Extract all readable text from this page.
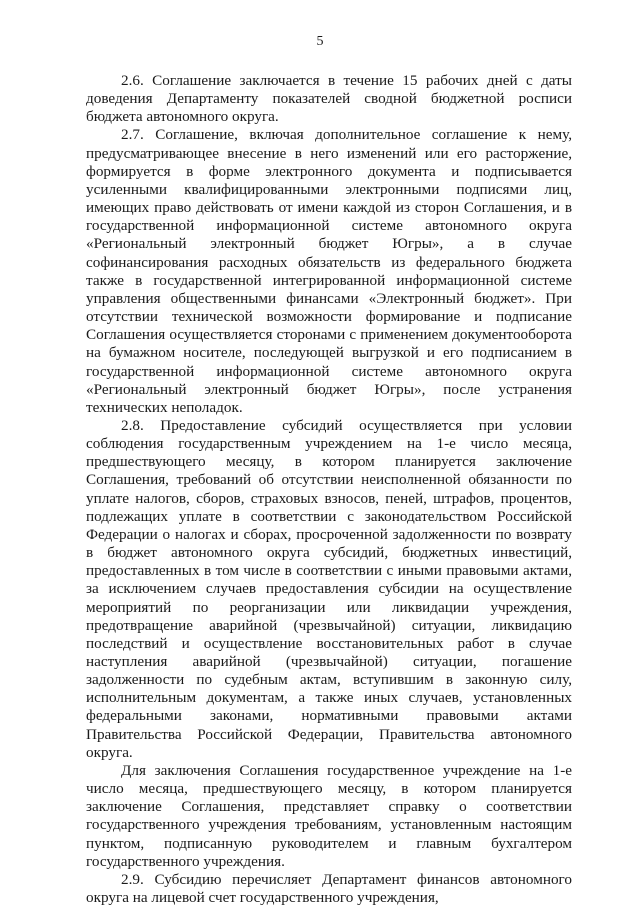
5

2.6. Соглашение заключается в течение 15 рабочих дней с даты доведения Департаменту показателей сводной бюджетной росписи бюджета автономного округа.

2.7. Соглашение, включая дополнительное соглашение к нему, предусматривающее внесение в него изменений или его расторжение, формируется в форме электронного документа и подписывается усиленными квалифицированными электронными подписями лиц, имеющих право действовать от имени каждой из сторон Соглашения, и в государственной информационной системе автономного округа «Региональный электронный бюджет Югры», а в случае софинансирования расходных обязательств из федерального бюджета также в государственной интегрированной информационной системе управления общественными финансами «Электронный бюджет». При отсутствии технической возможности формирование и подписание Соглашения осуществляется сторонами с применением документооборота на бумажном носителе, последующей выгрузкой и его подписанием в государственной информационной системе автономного округа «Региональный электронный бюджет Югры», после устранения технических неполадок.

2.8. Предоставление субсидий осуществляется при условии соблюдения государственным учреждением на 1-е число месяца, предшествующего месяцу, в котором планируется заключение Соглашения, требований об отсутствии неисполненной обязанности по уплате налогов, сборов, страховых взносов, пеней, штрафов, процентов, подлежащих уплате в соответствии с законодательством Российской Федерации о налогах и сборах, просроченной задолженности по возврату в бюджет автономного округа субсидий, бюджетных инвестиций, предоставленных в том числе в соответствии с иными правовыми актами, за исключением случаев предоставления субсидии на осуществление мероприятий по реорганизации или ликвидации учреждения, предотвращение аварийной (чрезвычайной) ситуации, ликвидацию последствий и осуществление восстановительных работ в случае наступления аварийной (чрезвычайной) ситуации, погашение задолженности по судебным актам, вступившим в законную силу, исполнительным документам, а также иных случаев, установленных федеральными законами, нормативными правовыми актами Правительства Российской Федерации, Правительства автономного округа.

Для заключения Соглашения государственное учреждение на 1-е число месяца, предшествующего месяцу, в котором планируется заключение Соглашения, представляет справку о соответствии государственного учреждения требованиям, установленным настоящим пунктом, подписанную руководителем и главным бухгалтером государственного учреждения.

2.9. Субсидию перечисляет Департамент финансов автономного округа на лицевой счет государственного учреждения,
